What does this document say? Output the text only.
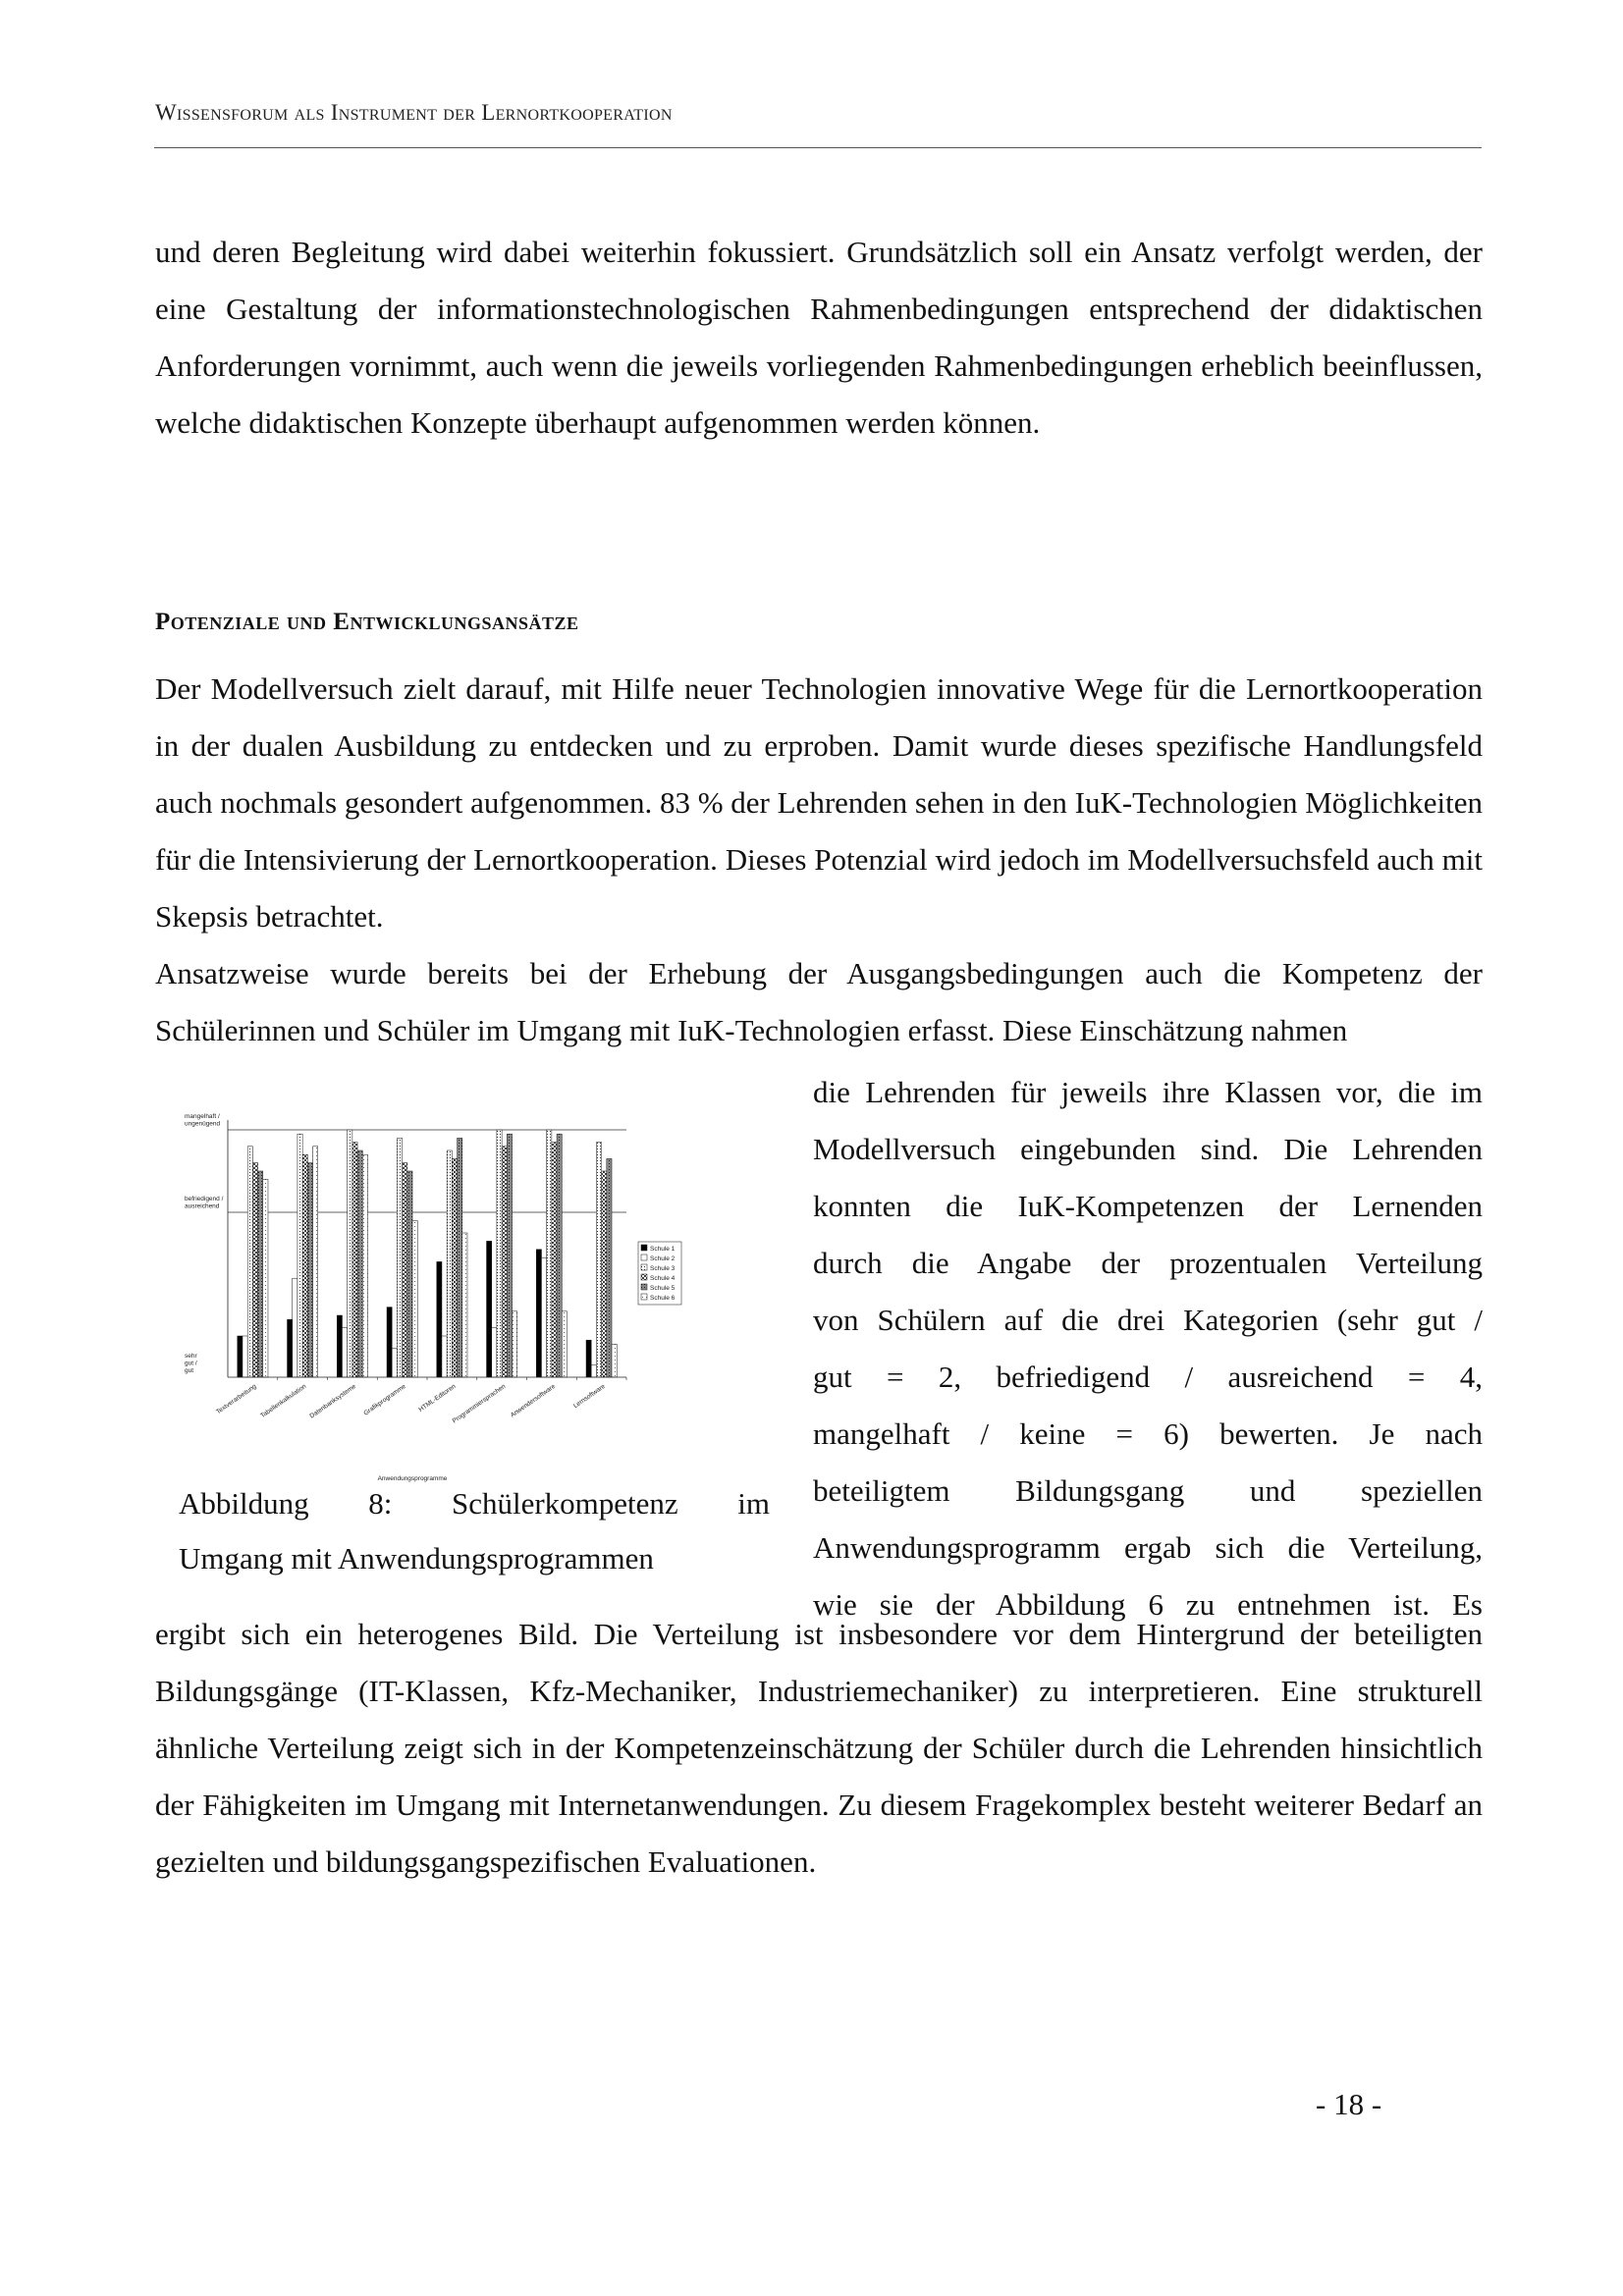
Wissensforum als Instrument der Lernortkooperation

und deren Begleitung wird dabei weiterhin fokussiert. Grundsätzlich soll ein Ansatz verfolgt werden, der eine Gestaltung der informationstechnologischen Rahmenbedingungen entsprechend der didaktischen Anforderungen vornimmt, auch wenn die jeweils vorliegenden Rahmenbedingungen erheblich beeinflussen, welche didaktischen Konzepte überhaupt aufgenommen werden können.

Potenziale und Entwicklungsansätze

Der Modellversuch zielt darauf, mit Hilfe neuer Technologien innovative Wege für die Lernortkooperation in der dualen Ausbildung zu entdecken und zu erproben. Damit wurde dieses spezifische Handlungsfeld auch nochmals gesondert aufgenommen. 83 % der Lehrenden sehen in den IuK-Technologien Möglichkeiten für die Intensivierung der Lernortkooperation. Dieses Potenzial wird jedoch im Modellversuchsfeld auch mit Skepsis betrachtet.

Ansatzweise wurde bereits bei der Erhebung der Ausgangsbedingungen auch die Kompetenz der Schülerinnen und Schüler im Umgang mit IuK-Technologien erfasst. Diese Einschätzung nahmen

die Lehrenden für jeweils ihre Klassen vor, die im
Modellversuch eingebunden sind. Die Lehrenden
konnten die IuK-Kompetenzen der Lernenden
durch die Angabe der prozentualen Verteilung
von Schülern auf die drei Kategorien (sehr gut /
gut = 2, befriedigend / ausreichend = 4,
mangelhaft / keine = 6) bewerten. Je nach
beteiligtem Bildungsgang und speziellen
Anwendungsprogramm ergab sich die Verteilung,
wie sie der Abbildung 6 zu entnehmen ist. Es
mangelhaft /
ungenügend
befriedigend /
ausreichend
sehr
gut /
gut
Textverarbeitung Tabellenkalkulation Datenbanksysteme Grafikprogramme HTML-Editoren
Programmiersprachen Anwendersoftware Lernsoftware
Schule 1
Schule 2
Schule 3
Schule 4
Schule 5
Schule 6
Anwendungsprogramme
Abbildung 8: Schülerkompetenz im
Umgang mit Anwendungsprogrammen

ergibt sich ein heterogenes Bild. Die Verteilung ist insbesondere vor dem Hintergrund der beteiligten Bildungsgänge (IT-Klassen, Kfz-Mechaniker, Industriemechaniker) zu interpretieren. Eine strukturell ähnliche Verteilung zeigt sich in der Kompetenzeinschätzung der Schüler durch die Lehrenden hinsichtlich der Fähigkeiten im Umgang mit Internetanwendungen. Zu diesem Fragekomplex besteht weiterer Bedarf an gezielten und bildungsgangspezifischen Evaluationen.

- 18 -
